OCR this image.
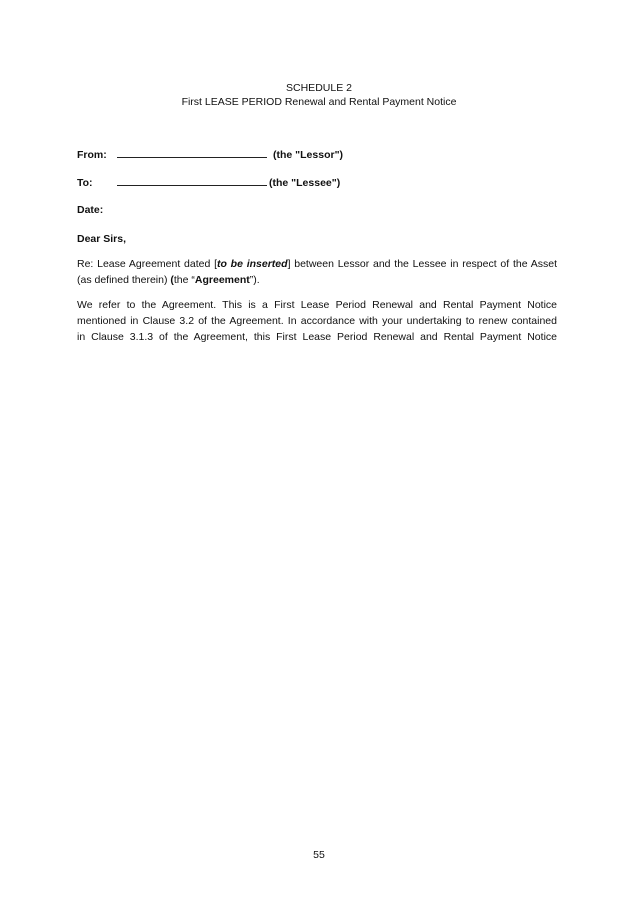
SCHEDULE 2
First LEASE PERIOD Renewal and Rental Payment Notice
From:	(the "Lessor")
To:	(the "Lessee")
Date:
Dear Sirs,
Re: Lease Agreement dated [to be inserted] between Lessor and the Lessee in respect of the Asset
(as defined therein) (the “Agreement”).
We refer to the Agreement. This is a First Lease Period Renewal and Rental Payment Notice
mentioned in Clause 3.2 of the Agreement. In accordance with your undertaking to renew contained
in Clause 3.1.3 of the Agreement, this First Lease Period Renewal and Rental Payment Notice
55
